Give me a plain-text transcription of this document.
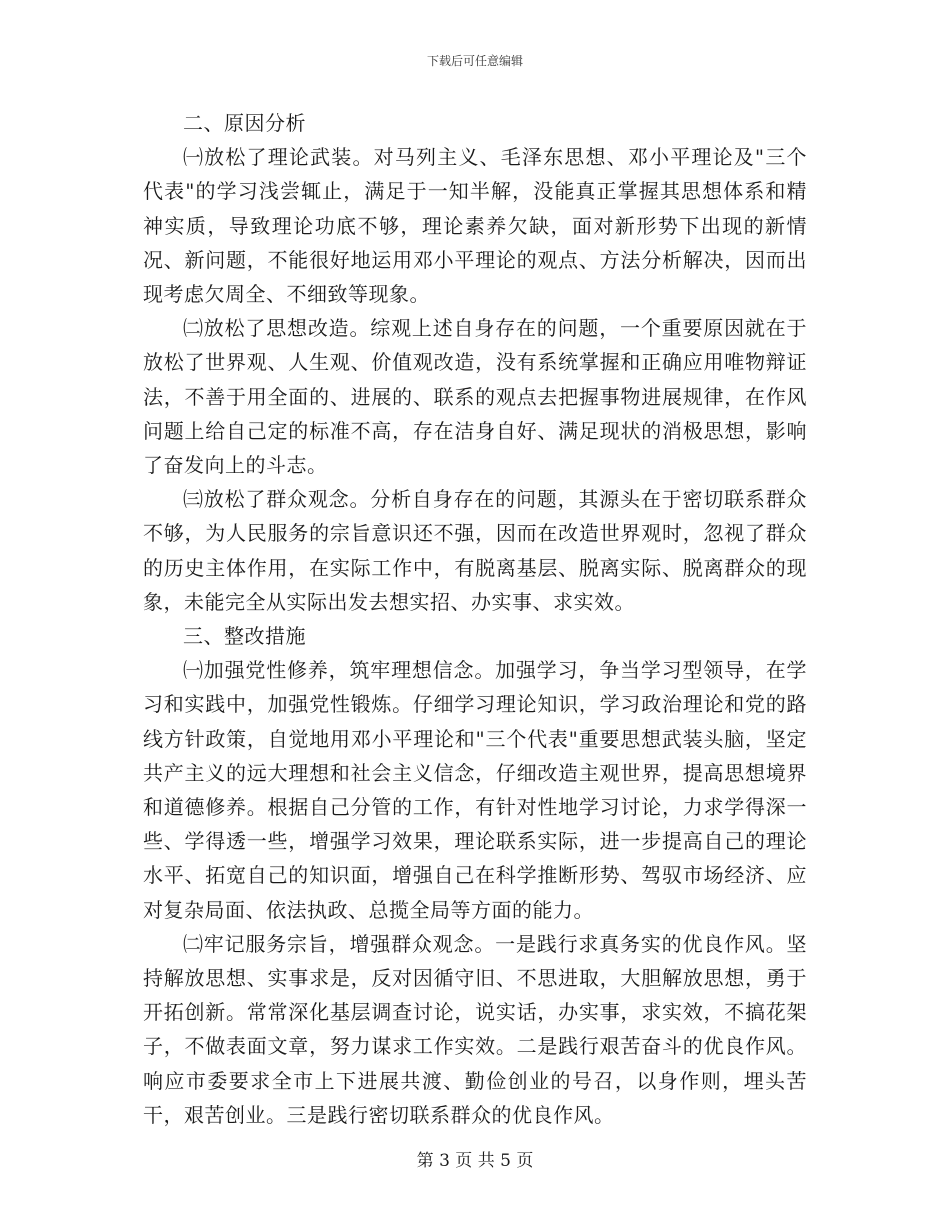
下载后可任意编辑

二、原因分析

㈠放松了理论武装。对马列主义、毛泽东思想、邓小平理论及"三个代表"的学习浅尝辄止，满足于一知半解，没能真正掌握其思想体系和精神实质，导致理论功底不够，理论素养欠缺，面对新形势下出现的新情况、新问题，不能很好地运用邓小平理论的观点、方法分析解决，因而出现考虑欠周全、不细致等现象。

㈡放松了思想改造。综观上述自身存在的问题，一个重要原因就在于放松了世界观、人生观、价值观改造，没有系统掌握和正确应用唯物辩证法，不善于用全面的、进展的、联系的观点去把握事物进展规律，在作风问题上给自己定的标准不高，存在洁身自好、满足现状的消极思想，影响了奋发向上的斗志。

㈢放松了群众观念。分析自身存在的问题，其源头在于密切联系群众不够，为人民服务的宗旨意识还不强，因而在改造世界观时，忽视了群众的历史主体作用，在实际工作中，有脱离基层、脱离实际、脱离群众的现象，未能完全从实际出发去想实招、办实事、求实效。

三、整改措施

㈠加强党性修养，筑牢理想信念。加强学习，争当学习型领导，在学习和实践中，加强党性锻炼。仔细学习理论知识，学习政治理论和党的路线方针政策，自觉地用邓小平理论和"三个代表"重要思想武装头脑，坚定共产主义的远大理想和社会主义信念，仔细改造主观世界，提高思想境界和道德修养。根据自己分管的工作，有针对性地学习讨论，力求学得深一些、学得透一些，增强学习效果，理论联系实际，进一步提高自己的理论水平、拓宽自己的知识面，增强自己在科学推断形势、驾驭市场经济、应对复杂局面、依法执政、总揽全局等方面的能力。

㈡牢记服务宗旨，增强群众观念。一是践行求真务实的优良作风。坚持解放思想、实事求是，反对因循守旧、不思进取，大胆解放思想，勇于开拓创新。常常深化基层调查讨论，说实话，办实事，求实效，不搞花架子，不做表面文章，努力谋求工作实效。二是践行艰苦奋斗的优良作风。响应市委要求全市上下进展共渡、勤俭创业的号召，以身作则，埋头苦干，艰苦创业。三是践行密切联系群众的优良作风。

第 3 页 共 5 页
